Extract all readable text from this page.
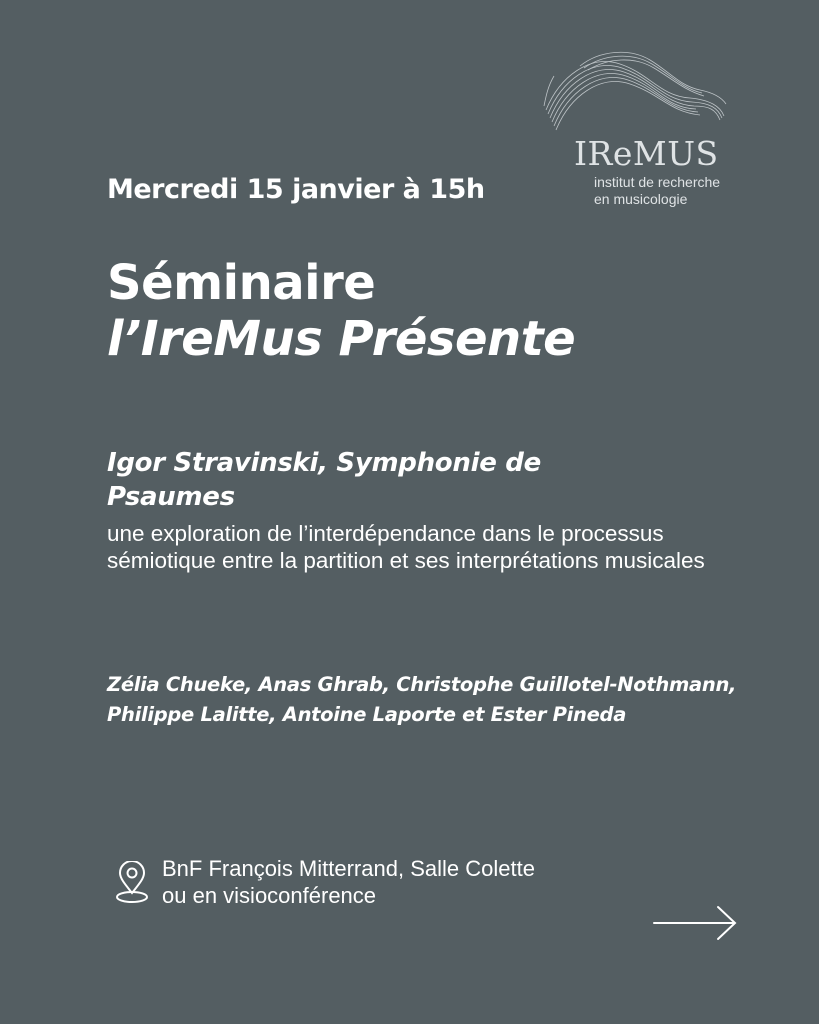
IReMUS
institut de recherche
en musicologie
Mercredi 15 janvier à 15h
Séminaire
l’IreMus Présente
Igor Stravinski, Symphonie de Psaumes
une exploration de l’interdépendance dans le processus sémiotique entre la partition et ses interprétations musicales
Zélia Chueke, Anas Ghrab, Christophe Guillotel-Nothmann, Philippe Lalitte, Antoine Laporte et Ester Pineda
BnF François Mitterrand, Salle Colette
ou en visioconférence
